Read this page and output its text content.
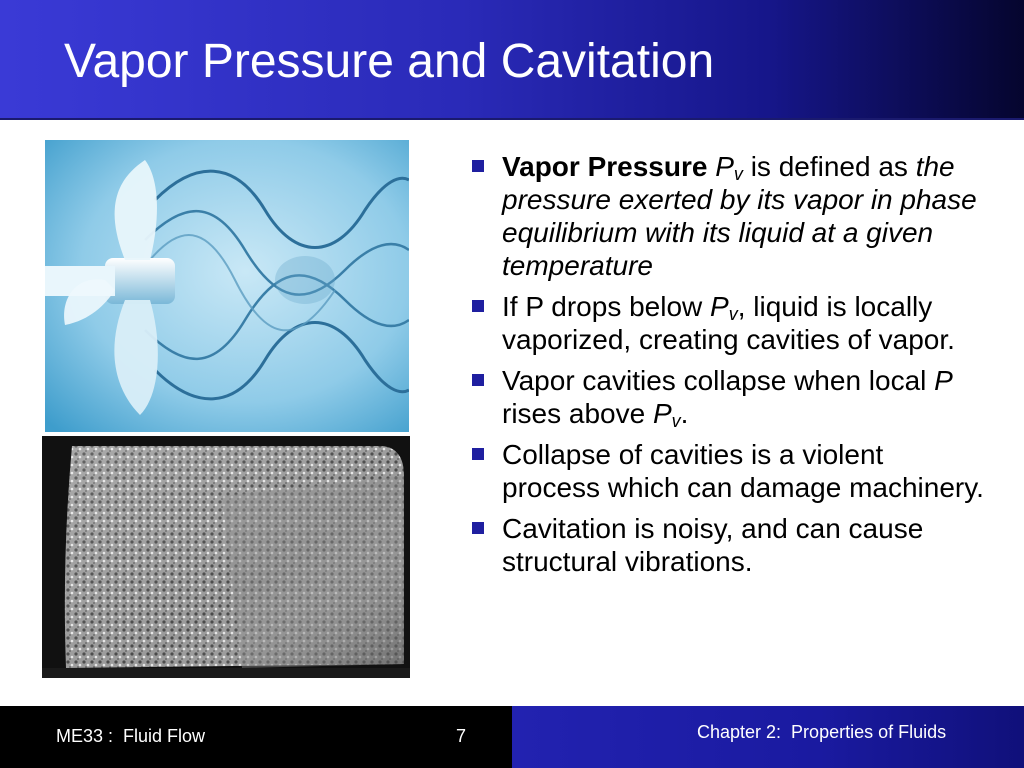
Vapor Pressure and Cavitation
Vapor Pressure $P_v$ is defined as the pressure exerted by its vapor in phase equilibrium with its liquid at a given temperature
If P drops below $P_v$, liquid is locally vaporized, creating cavities of vapor.
Vapor cavities collapse when local P rises above $P_v$.
Collapse of cavities is a violent process which can damage machinery.
Cavitation is noisy, and can cause structural vibrations.
ME33 :  Fluid Flow	7	Chapter 2:  Properties of Fluids
